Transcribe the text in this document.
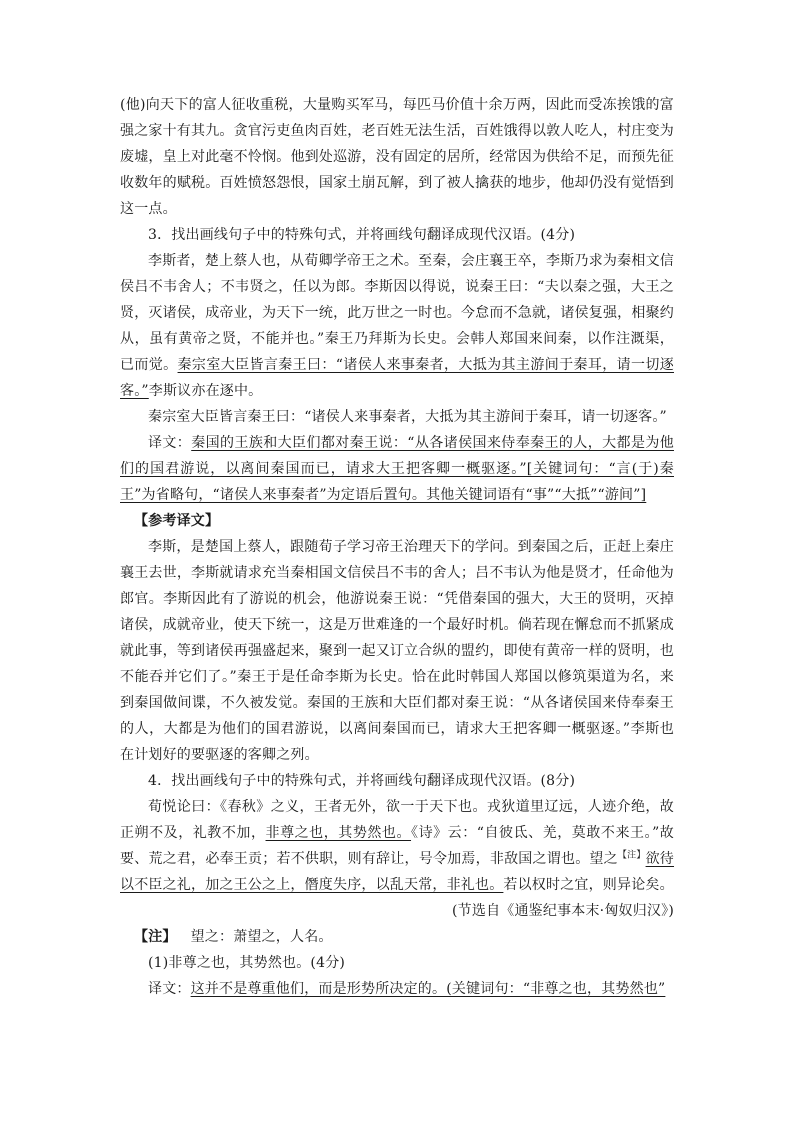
(他)向天下的富人征收重税，大量购买军马，每匹马价值十余万两，因此而受冻挨饿的富强之家十有其九。贪官污吏鱼肉百姓，老百姓无法生活，百姓饿得以敦人吃人，村庄变为废墟，皇上对此毫不怜悯。他到处巡游，没有固定的居所，经常因为供给不足，而预先征收数年的赋税。百姓愤怒怨恨，国家土崩瓦解，到了被人擒获的地步，他却仍没有觉悟到这一点。

3．找出画线句子中的特殊句式，并将画线句翻译成现代汉语。(4分)

李斯者，楚上蔡人也，从荀卿学帝王之术。至秦，会庄襄王卒，李斯乃求为秦相文信侯吕不韦舍人；不韦贤之，任以为郎。李斯因以得说，说秦王曰：“夫以秦之强，大王之贤，灭诸侯，成帝业，为天下一统，此万世之一时也。今怠而不急就，诸侯复强，相聚约从，虽有黄帝之贤，不能并也。”秦王乃拜斯为长史。会韩人郑国来间秦，以作注溉渠，已而觉。秦宗室大臣皆言秦王曰：“诸侯人来事秦者，大抵为其主游间于秦耳，请一切逐客。”李斯议亦在逐中。

秦宗室大臣皆言秦王曰：“诸侯人来事秦者，大抵为其主游间于秦耳，请一切逐客。”

译文：秦国的王族和大臣们都对秦王说：“从各诸侯国来侍奉秦王的人，大都是为他们的国君游说，以离间秦国而已，请求大王把客卿一概驱逐。”[关键词句：“言(于)秦王”为省略句，“诸侯人来事秦者”为定语后置句。其他关键词语有“事”“大抵”“游间”]

【参考译文】

李斯，是楚国上蔡人，跟随荀子学习帝王治理天下的学问。到秦国之后，正赶上秦庄襄王去世，李斯就请求充当秦相国文信侯吕不韦的舍人；吕不韦认为他是贤才，任命他为郎官。李斯因此有了游说的机会，他游说秦王说：“凭借秦国的强大，大王的贤明，灭掉诸侯，成就帝业，使天下统一，这是万世难逢的一个最好时机。倘若现在懈怠而不抓紧成就此事，等到诸侯再强盛起来，聚到一起又订立合纵的盟约，即使有黄帝一样的贤明，也不能吞并它们了。”秦王于是任命李斯为长史。恰在此时韩国人郑国以修筑渠道为名，来到秦国做间谍，不久被发觉。秦国的王族和大臣们都对秦王说：“从各诸侯国来侍奉秦王的人，大都是为他们的国君游说，以离间秦国而已，请求大王把客卿一概驱逐。”李斯也在计划好的要驱逐的客卿之列。

4．找出画线句子中的特殊句式，并将画线句翻译成现代汉语。(8分)

荀悦论曰：《春秋》之义，王者无外，欲一于天下也。戎狄道里辽远，人迹介绝，故正朔不及，礼教不加，非尊之也，其势然也。《诗》云：“自彼氐、羌，莫敢不来王。”故要、荒之君，必奉王贡；若不供职，则有辞让，号令加焉，非敌国之谓也。望之$^{【注】}$欲待以不臣之礼，加之王公之上，僭度失序，以乱天常，非礼也。若以权时之宜，则异论矣。

(节选自《通鉴纪事本末·匈奴归汉》)

【注】 望之：萧望之，人名。

(1)非尊之也，其势然也。(4分)

译文：这并不是尊重他们，而是形势所决定的。(关键词句：“非尊之也，其势然也”
